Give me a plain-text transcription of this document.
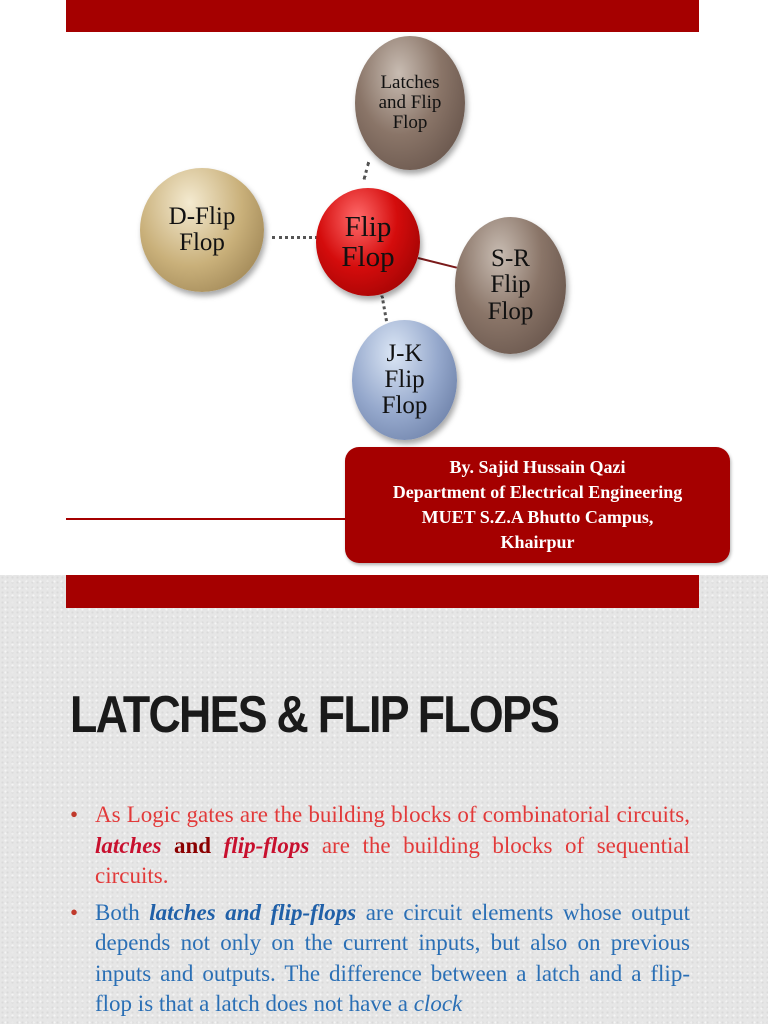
Latches and Flip Flop
D-Flip Flop
S-R Flip Flop
J-K Flip Flop
Flip Flop
By. Sajid Hussain Qazi
Department of Electrical Engineering
MUET S.Z.A Bhutto Campus,
Khairpur
LATCHES & FLIP FLOPS
• As Logic gates are the building blocks of combinatorial circuits, latches and flip-flops are the building blocks of sequential circuits.
• Both latches and flip-flops are circuit elements whose output depends not only on the current inputs, but also on previous inputs and outputs. The difference between a latch and a flip-flop is that a latch does not have a clock
